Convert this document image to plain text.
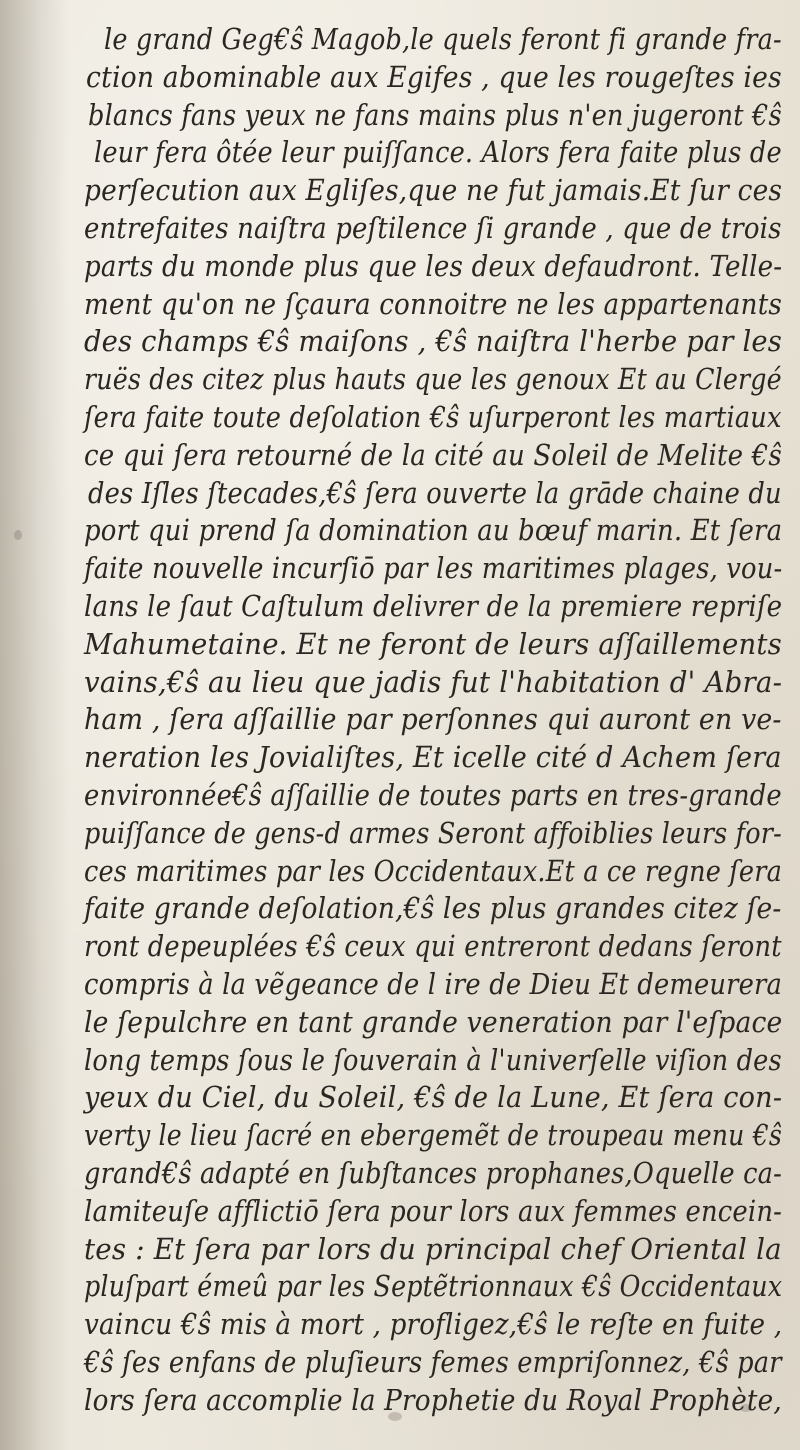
le grand Geg€ŝ Magob,le quels feront fi grande fra-
ction abominable aux Egifes , que les rougeſtes ies
blancs fans yeux ne fans mains plus n'en jugeront €ŝ
leur fera ôtée leur puiſſance. Alors fera faite plus de
perſecution aux Egliſes,que ne fut jamais.Et ſur ces
entrefaites naiſtra peſtilence ſi grande , que de trois
parts du monde plus que les deux defaudront. Telle-
ment qu'on ne ſçaura connoitre ne les appartenants
des champs €ŝ maiſons , €ŝ naiſtra l'herbe par les
ruës des citez plus hauts que les genoux Et au Clergé
ſera faite toute deſolation €ŝ uſurperont les martiaux
ce qui ſera retourné de la cité au Soleil de Melite €ŝ
des Iſles ſtecades,€ŝ ſera ouverte la grāde chaine du
port qui prend ſa domination au bœuf marin. Et ſera
faite nouvelle incurſiō par les maritimes plages, vou-
lans le ſaut Caſtulum delivrer de la premiere repriſe
Mahumetaine. Et ne feront de leurs aſſaillements
vains,€ŝ au lieu que jadis fut l'habitation d' Abra-
ham , ſera aſſaillie par perſonnes qui auront en ve-
neration les Jovialiſtes, Et icelle cité d Achem ſera
environnée€ŝ aſſaillie de toutes parts en tres-grande
puiſſance de gens-d armes Seront affoiblies leurs for-
ces maritimes par les Occidentaux.Et a ce regne ſera
faite grande deſolation,€ŝ les plus grandes citez ſe-
ront depeuplées €ŝ ceux qui entreront dedans ſeront
compris à la vẽgeance de l ire de Dieu Et demeurera
le ſepulchre en tant grande veneration par l'eſpace
long temps ſous le ſouverain à l'univerſelle viſion des
yeux du Ciel, du Soleil, €ŝ de la Lune, Et ſera con-
verty le lieu ſacré en ebergemẽt de troupeau menu €ŝ
grand€ŝ adapté en ſubſtances prophanes,Oquelle ca-
lamiteuſe afflictiō ſera pour lors aux femmes encein-
tes : Et ſera par lors du principal chef Oriental la
pluſpart émeû par les Septẽtrionnaux €ŝ Occidentaux
vaincu €ŝ mis à mort , profligez,€ŝ le reſte en fuite ,
€ŝ ſes enfans de pluſieurs femes empriſonnez, €ŝ par
lors ſera accomplie la Prophetie du Royal Prophète,
